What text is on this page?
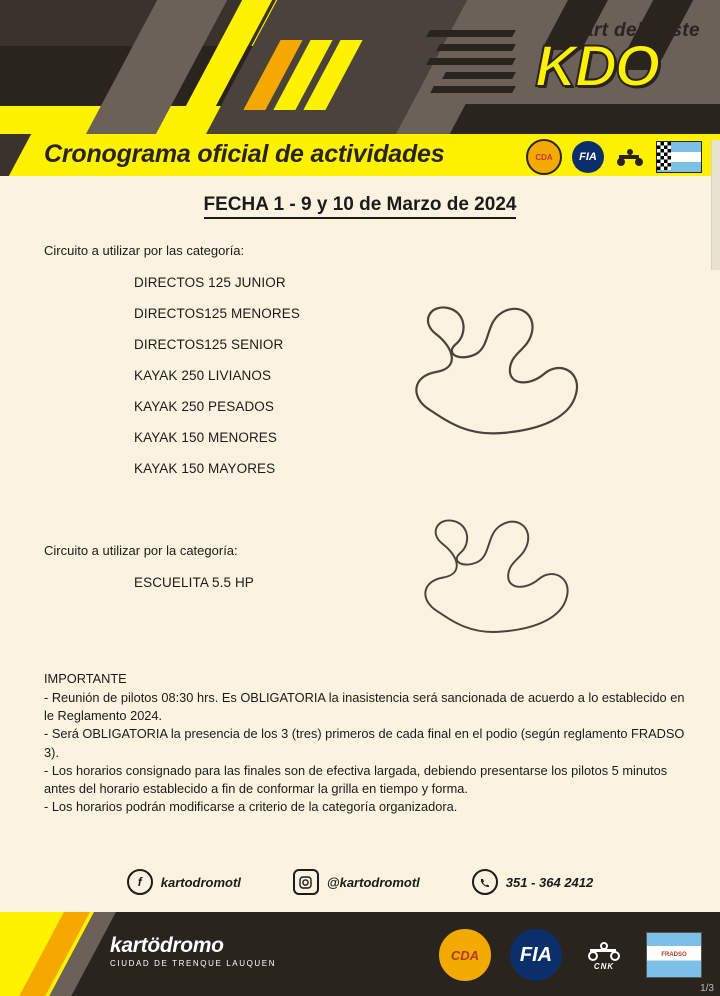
kart del oeste
KDO
temporada 2024
Cronograma oficial de actividades	CDA	FIA
FECHA 1 - 9 y 10 de Marzo de 2024
Circuito a utilizar por las categoría:
DIRECTOS 125 JUNIOR
DIRECTOS125 MENORES
DIRECTOS125 SENIOR
KAYAK 250 LIVIANOS
KAYAK 250 PESADOS
KAYAK 150 MENORES
KAYAK 150 MAYORES
Circuito a utilizar por la categoría:
ESCUELITA 5.5 HP
IMPORTANTE
- Reunión de pilotos 08:30 hrs. Es OBLIGATORIA la inasistencia será sancionada de acuerdo a lo establecido en le Reglamento 2024.
- Será OBLIGATORIA la presencia de los 3 (tres) primeros de cada final en el podio (según reglamento FRADSO 3).
- Los horarios consignado para las finales son de efectiva largada, debiendo presentarse los pilotos 5 minutos antes del horario establecido a fin de conformar la grilla en tiempo y forma.
- Los horarios podrán modificarse a criterio de la categoría organizadora.
f	kartodromotl	@kartodromotl	351 - 364 2412
kartödromo
CIUDAD DE TRENQUE LAUQUEN
CDA	FIA
CNK
FRADSO
1/3
